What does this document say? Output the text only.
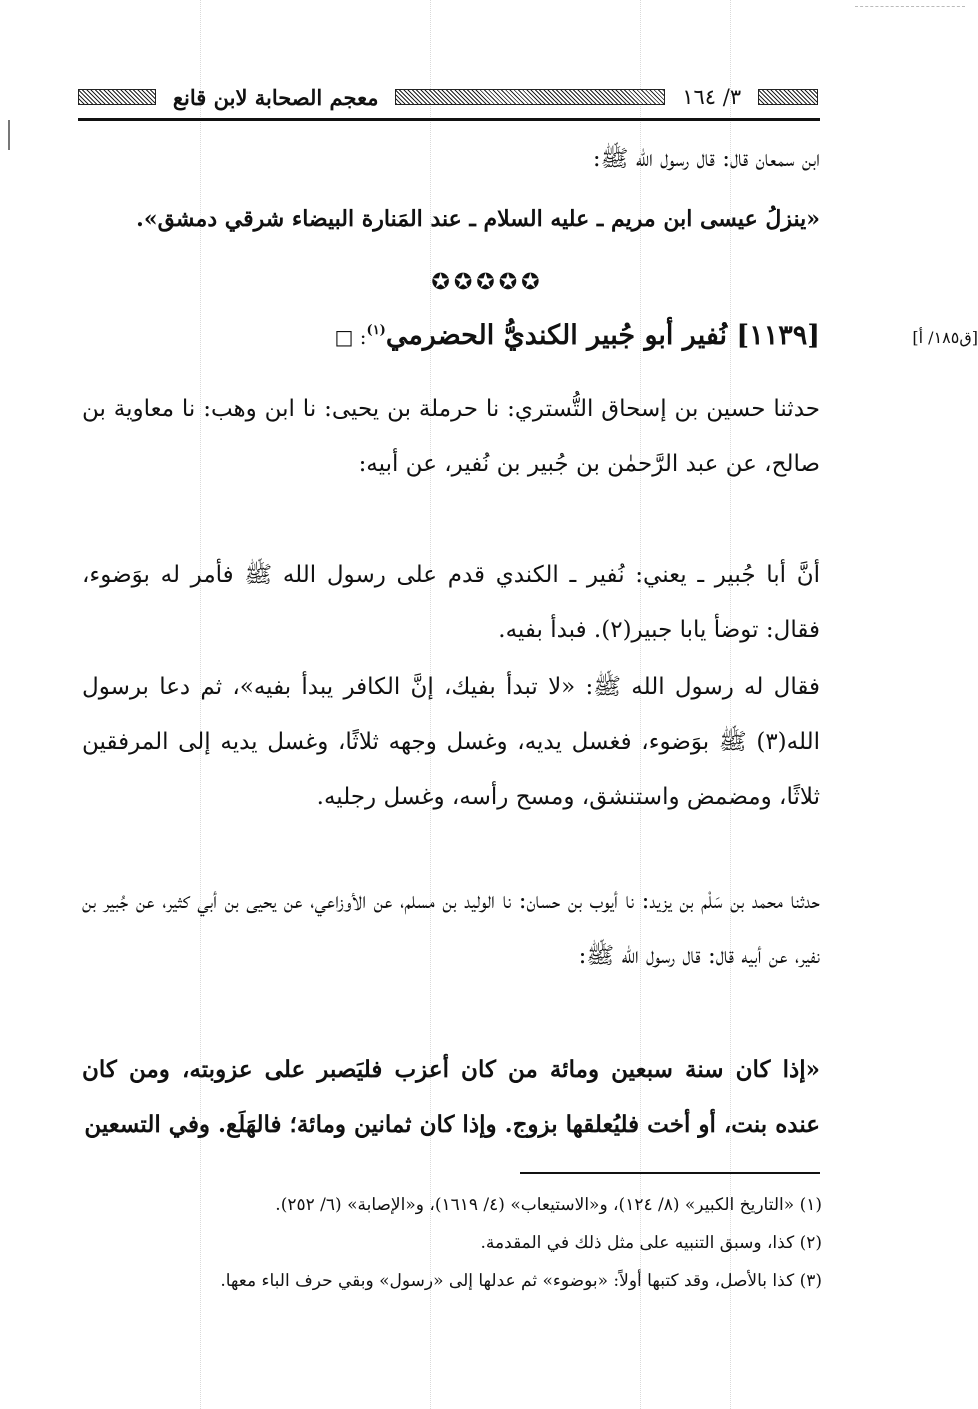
معجم الصحابة لابن قانع	٣/ ١٦٤
ابن سمعان قال: قال رسول الله ﷺ:
«ينزلُ عيسى ابن مريم ـ عليه السلام ـ عند المَنارة البيضاء شرقي دمشق».
✪✪✪✪✪
[ق١٨٥/ أ]
[١١٣٩] نُفير أبو جُبير الكنديُّ الحضرمي$^{(١)}$: □
حدثنا حسين بن إسحاق التُّستري: نا حرملة بن يحيى: نا ابن وهب: نا معاوية بن صالح، عن عبد الرَّحمٰن بن جُبير بن نُفير، عن أبيه:
أنَّ أبا جُبير ـ يعني: نُفير ـ الكندي قدم على رسول الله ﷺ فأمر له بوَضوء، فقال: توضأ يابا جبير(٢). فبدأ بفيه.
فقال له رسول الله ﷺ: «لا تبدأ بفيك، إنَّ الكافر يبدأ بفيه»، ثم دعا برسول الله(٣) ﷺ بوَضوء، فغسل يديه، وغسل وجهه ثلاثًا، وغسل يديه إلى المرفقين ثلاثًا، ومضمض واستنشق، ومسح رأسه، وغسل رجليه.
حدثنا محمد بن سَلْم بن يزيد: نا أيوب بن حسان: نا الوليد بن مسلم، عن الأوزاعي، عن يحيى بن أبي كثير، عن جُبير بن نفير، عن أبيه قال: قال رسول الله ﷺ:
«إذا كان سنة سبعين ومائة من كان أعزب فليَصبر على عزوبته، ومن كان عنده بنت، أو أخت فليُعلقها بزوج. وإذا كان ثمانين ومائة؛ فالهَلَع. وفي التسعين
(١) «التاريخ الكبير» (٨/ ١٢٤)، و«الاستيعاب» (٤/ ١٦١٩)، و«الإصابة» (٦/ ٢٥٢).
(٢) كذا، وسبق التنبيه على مثل ذلك في المقدمة.
(٣) كذا بالأصل، وقد كتبها أولاً: «بوضوء» ثم عدلها إلى «رسول» وبقي حرف الباء معها.
